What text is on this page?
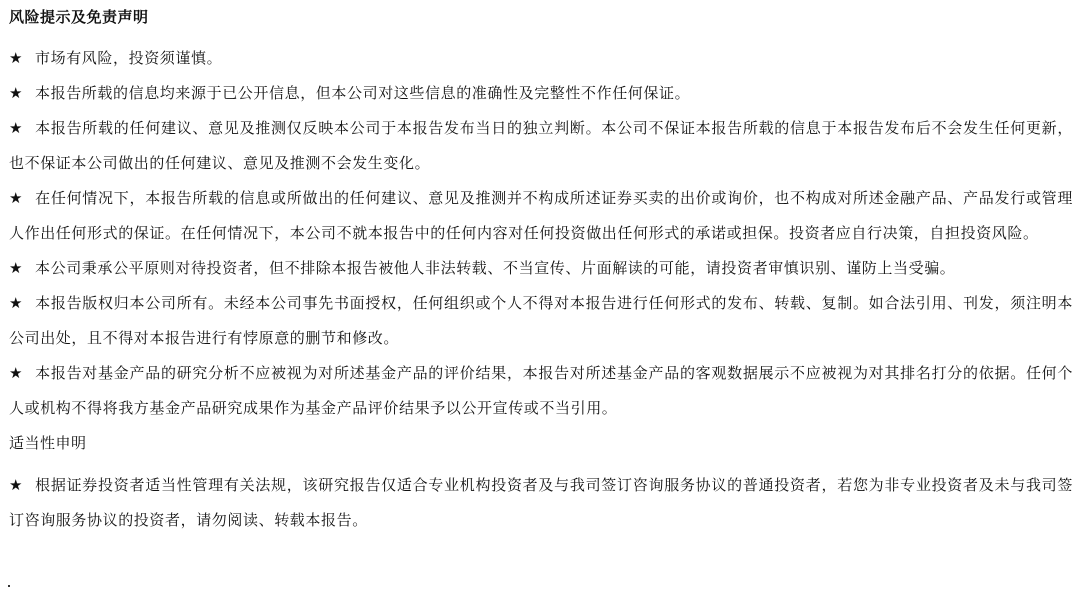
风险提示及免责声明
★ 市场有风险，投资须谨慎。
★ 本报告所载的信息均来源于已公开信息，但本公司对这些信息的准确性及完整性不作任何保证。
★ 本报告所载的任何建议、意见及推测仅反映本公司于本报告发布当日的独立判断。本公司不保证本报告所载的信息于本报告发布后不会发生任何更新，也不保证本公司做出的任何建议、意见及推测不会发生变化。
★ 在任何情况下，本报告所载的信息或所做出的任何建议、意见及推测并不构成所述证券买卖的出价或询价，也不构成对所述金融产品、产品发行或管理人作出任何形式的保证。在任何情况下，本公司不就本报告中的任何内容对任何投资做出任何形式的承诺或担保。投资者应自行决策，自担投资风险。
★ 本公司秉承公平原则对待投资者，但不排除本报告被他人非法转载、不当宣传、片面解读的可能，请投资者审慎识别、谨防上当受骗。
★ 本报告版权归本公司所有。未经本公司事先书面授权，任何组织或个人不得对本报告进行任何形式的发布、转载、复制。如合法引用、刊发，须注明本公司出处，且不得对本报告进行有悖原意的删节和修改。
★ 本报告对基金产品的研究分析不应被视为对所述基金产品的评价结果，本报告对所述基金产品的客观数据展示不应被视为对其排名打分的依据。任何个人或机构不得将我方基金产品研究成果作为基金产品评价结果予以公开宣传或不当引用。
适当性申明
★ 根据证券投资者适当性管理有关法规，该研究报告仅适合专业机构投资者及与我司签订咨询服务协议的普通投资者，若您为非专业投资者及未与我司签订咨询服务协议的投资者，请勿阅读、转载本报告。
